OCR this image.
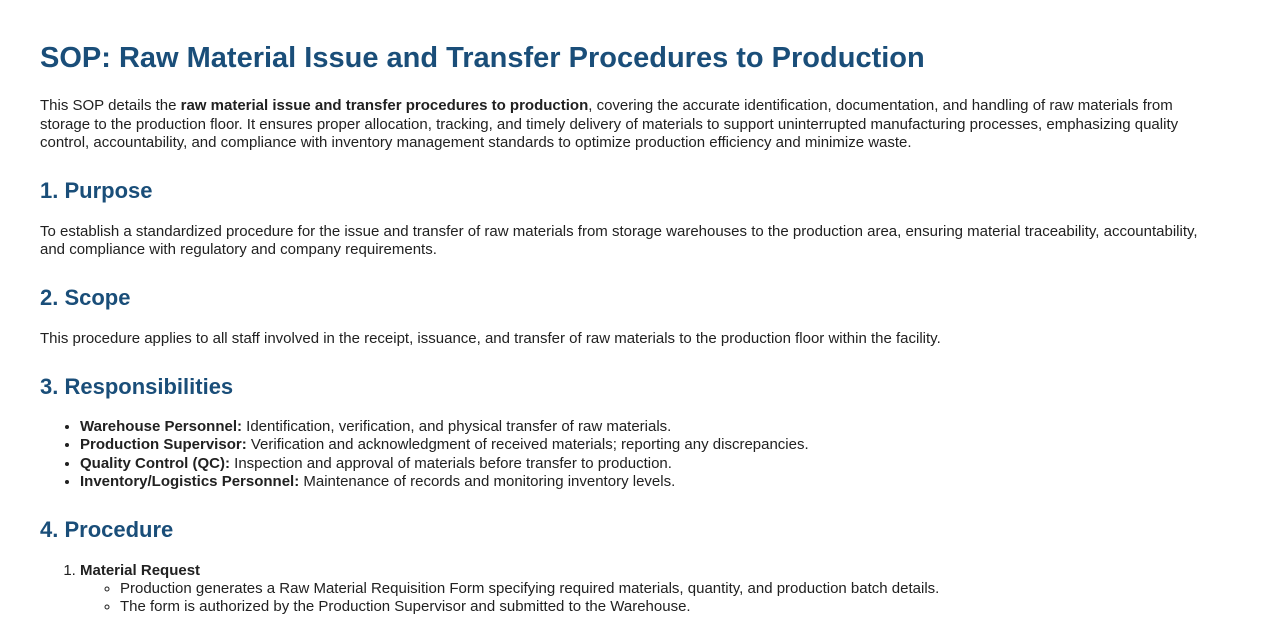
SOP: Raw Material Issue and Transfer Procedures to Production

This SOP details the raw material issue and transfer procedures to production, covering the accurate identification, documentation, and handling of raw materials from storage to the production floor. It ensures proper allocation, tracking, and timely delivery of materials to support uninterrupted manufacturing processes, emphasizing quality control, accountability, and compliance with inventory management standards to optimize production efficiency and minimize waste.

1. Purpose

To establish a standardized procedure for the issue and transfer of raw materials from storage warehouses to the production area, ensuring material traceability, accountability, and compliance with regulatory and company requirements.

2. Scope

This procedure applies to all staff involved in the receipt, issuance, and transfer of raw materials to the production floor within the facility.

3. Responsibilities
• Warehouse Personnel: Identification, verification, and physical transfer of raw materials.
• Production Supervisor: Verification and acknowledgment of received materials; reporting any discrepancies.
• Quality Control (QC): Inspection and approval of materials before transfer to production.
• Inventory/Logistics Personnel: Maintenance of records and monitoring inventory levels.
4. Procedure
1. Material Request
◦ Production generates a Raw Material Requisition Form specifying required materials, quantity, and production batch details.
◦ The form is authorized by the Production Supervisor and submitted to the Warehouse.
